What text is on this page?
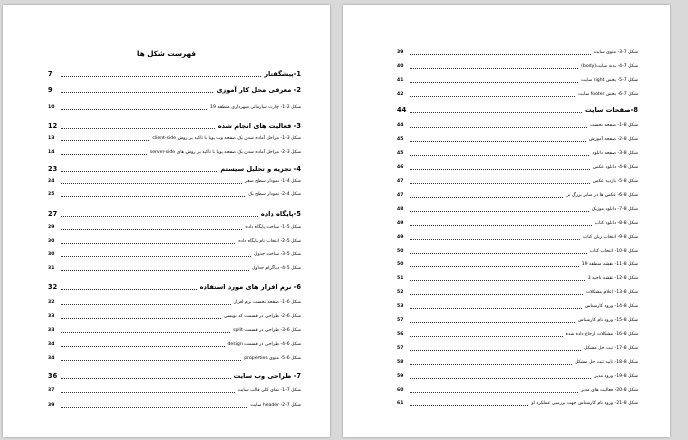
فهرست شکل ها
1-پیشگفتار
7
2- معرفی محل کار آموزی
9
شکل 2-1- چارت سازمانی شهرداری منطقه 19
10
3- فعالیت های انجام شده
12
شکل 3-1- مراحل آماده شدن یک صفحه وب پویا با تاکید بر روش client-side
13
شکل 3-2- مراحل آماده شدن یک صفحه پویا با تاکید بر روش های server-side
14
4- تجزیه و تحلیل سیستم
23
شکل 4-1- نمودار سطح صفر
24
شکل 4-2- نمودار سطح یک
25
5-پایگاه داده
27
شکل 5-1- ساخت پایگاه داده
29
شکل 5-2- انتخاب نام پایگاه داده
30
شکل 5-3- ساخت جدول
30
شکل 5-4- دیاگرام جداول
31
6- نرم افزار های مورد استفاده
32
شکل 6-1- صفحه نخست نرم افزار
32
شکل 6-2- طراحی در قسمت کد نویسی
33
شکل 6-3- طراحی در قسمت split
33
شکل 6-4- طراحی در قسمت design
34
شکل 6-5- منوی properties
34
7- طراحی وب سایت
36
شکل 7-1- نمای کلی قالب سایت
37
شکل 7-2- header سایت
39
شکل 7-3- منوی سایت
39
شکل 7-4- بدنه سایت(body)
40
شکل 7-5- بخش right سایت
41
شکل 7-6- بخش footer سایت
42
8-صفحات سایت
44
شکل 8-1- صفحه نخست
44
شکل 8-2- صفحه آموزش
45
شکل 8-3- صفحه دانلود
45
شکل 8-4- دانلود عکس
46
شکل 8-5- بازدید عکس
47
شکل 8-6- عکس ها در سایز بزرگ تر
47
شکل 8-7- دانلود موزیک
48
شکل 8-8- دانلود کتاب
49
شکل 8-9- انتخاب زبان کتاب
49
شکل 8-10- انتخاب کتاب
50
شکل 8-11- نقشه منطقه 19
50
شکل 8-12- نقشه ناحیه 3
51
شکل 8-13- اعلام مشکلات
52
شکل 8-14- ورود کارشناس
53
شکل 8-15- ورود نام کارشناس
57
شکل 8-16- مشکلات ارجاع داده شده
56
شکل 8-17- ثبت حل مشکل
57
شکل 8-18- تایید ثبت حل مشکل
58
شکل 8-19- ورود مدیر
59
شکل 8-20- فعالیت های مدیر
60
شکل 8-21- ورود نام کارشناس جهت بررسی عملکرد او
61
